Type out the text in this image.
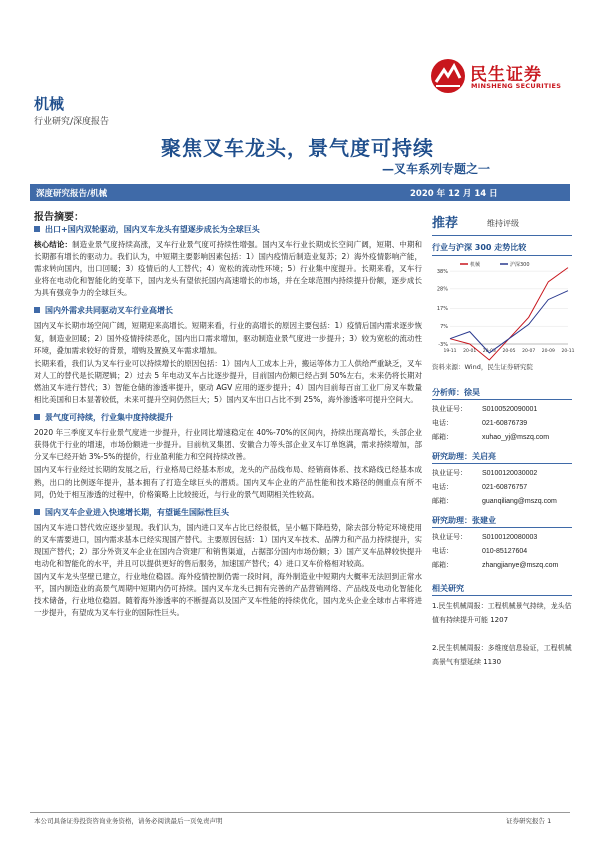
民生证券
MINSHENG SECURITIES
机械
行业研究/深度报告
聚焦叉车龙头，景气度可持续
—叉车系列专题之一
深度研究报告/机械	2020 年 12 月 14 日
报告摘要：
出口+国内双轮驱动，国内叉车龙头有望逐步成长为全球巨头
核心结论：制造业景气度持续高涨，叉车行业景气度可持续性增强。国内叉车行业长期成长空间广阔，短期、中期和长期都有增长的驱动力。我们认为，中短期主要影响因素包括：1）国内疫情后制造业复苏；2）海外疫情影响产能，需求转向国内，出口回暖；3）疫情后的人工替代；4）宽松的流动性环境；5）行业集中度提升。长期来看，叉车行业将在电动化和智能化的变革下，国内龙头有望依托国内高速增长的市场，并在全球范围内持续提升份额，逐步成长为具有强竞争力的全球巨头。
国内外需求共同驱动叉车行业高增长
国内叉车长期市场空间广阔，短期迎来高增长。短期来看，行业的高增长的原因主要包括：1）疫情后国内需求逐步恢复，制造业回暖；2）国外疫情持续恶化，国内出口需求增加，驱动制造业景气度进一步提升；3）较为宽松的流动性环境，叠加需求较好的背景，增购及置换叉车需求增加。
长期来看，我们认为叉车行业可以持续增长的原因包括：1）国内人工成本上升，搬运等体力工人供给严重缺乏，叉车对人工的替代是长期逻辑；2）过去 5 年电动叉车占比逐步提升，目前国内份额已经占到 50%左右，未来仍将长期对燃油叉车进行替代；3）智能仓储的渗透率提升，驱动 AGV 应用的逐步提升；4）国内目前每百亩工业厂房叉车数量相比美国和日本显著较低，未来可提升空间仍然巨大；5）国内叉车出口占比不到 25%，海外渗透率可提升空间大。
景气度可持续，行业集中度持续提升
2020 年三季度叉车行业景气度进一步提升，行业同比增速稳定在 40%-70%的区间内，持续出现高增长，头部企业获得优于行业的增速，市场份额进一步提升。目前杭叉集团、安徽合力等头部企业叉车订单饱满，需求持续增加，部分叉车已经开始 3%-5%的提价，行业盈利能力和空间持续改善。
国内叉车行业经过长期的发展之后，行业格局已经基本形成，龙头的产品线布局、经销商体系、技术路线已经基本成熟，出口的比例逐年提升，基本拥有了打造全球巨头的潜质。国内叉车企业的产品性能和技术路径的侧重点有所不同，仍处于相互渗透的过程中，价格策略上比较接近，与行业的景气周期相关性较高。
国内叉车企业进入快速增长期，有望诞生国际性巨头
国内叉车进口替代效应逐步显现。我们认为，国内进口叉车占比已经很低，呈小幅下降趋势，除去部分特定环境使用的叉车需要进口，国内需求基本已经实现国产替代。主要原因包括：1）国内叉车技术、品牌力和产品力持续提升，实现国产替代；2）部分外资叉车企业在国内合资建厂和销售渠道，占据部分国内市场份额；3）国产叉车品牌较快提升电动化和智能化的水平，并且可以提供更好的售后服务，加速国产替代；4）进口叉车价格相对较高。
国内叉车龙头坚壁已建立，行业地位稳固。海外疫情控制仍需一段时间，海外制造业中短期内大概率无法回到正常水平，国内制造业的高景气周期中短期内仍可持续。国内叉车龙头已拥有完善的产品营销网络、产品线及电动化智能化技术储备，行业地位稳固。随着海外渗透率的不断提高以及国产叉车性能的持续优化，国内龙头企业全球市占率将进一步提升，有望成为叉车行业的国际性巨头。
推荐	维持评级
行业与沪深 300 走势比较
机械	沪深300
-3%
7%
17%
28%
38%
19-11 20-01 20-03 20-05 20-07 20-09 20-11
资料来源：Wind，民生证券研究院
分析师：徐昊
执业证号： S0100520090001
电话：	021-60876739
邮箱：	xuhao_yj@mszq.com
研究助理：关启亮
执业证号： S0100120030002
电话：	021-60876757
邮箱：	guanqiliang@mszq.com
研究助理：张建业
执业证号： S0100120080003
电话：	010-85127604
邮箱：	zhangjianye@mszq.com
相关研究
1.民生机械周报：工程机械景气持续，龙头估值有持续提升可能 1207
2.民生机械周报：多维度信息验证，工程机械高景气有望延续 1130
本公司具备证券投资咨询业务资格，请务必阅读最后一页免责声明	证券研究报告 1
